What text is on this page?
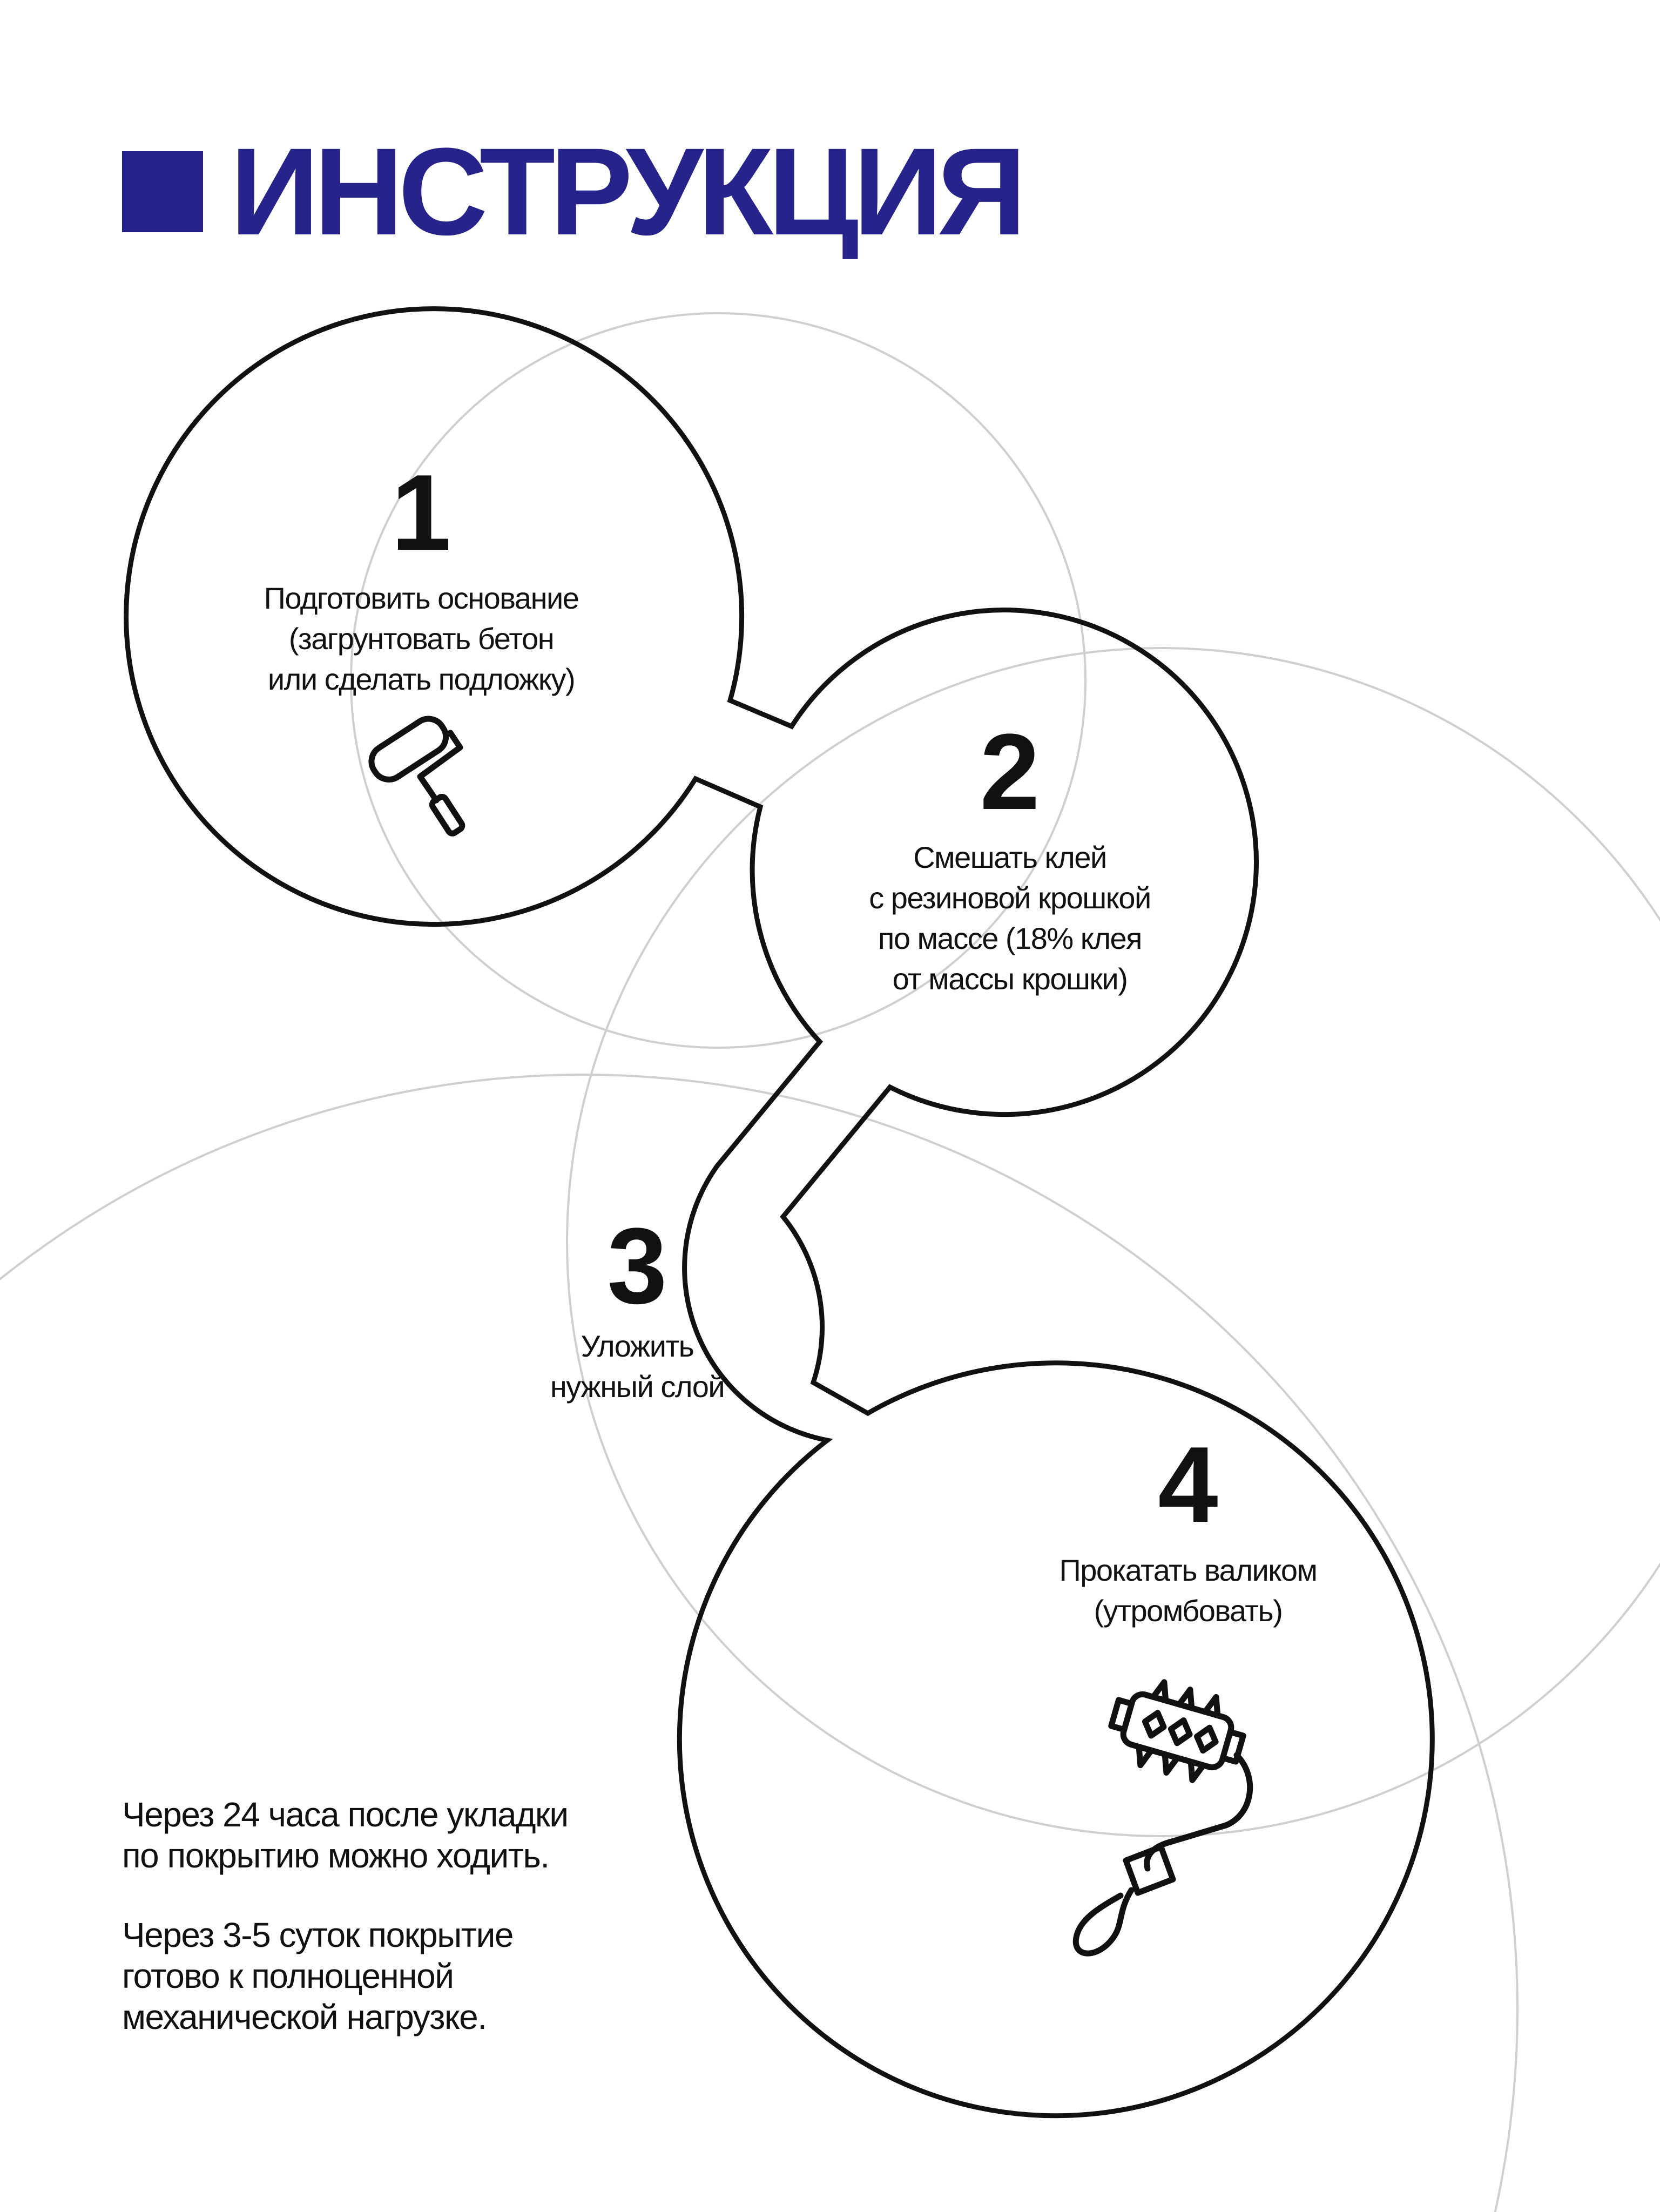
ИНСТРУКЦИЯ
1
Подготовить основание
(загрунтовать бетон
или сделать подложку)
2
Смешать клей
с резиновой крошкой
по массе (18% клея
от массы крошки)
3
Уложить
нужный слой
4
Прокатать валиком
(утромбовать)
Через 24 часа после укладки
по покрытию можно ходить.
Через 3-5 суток покрытие
готово к полноценной
механической нагрузке.
